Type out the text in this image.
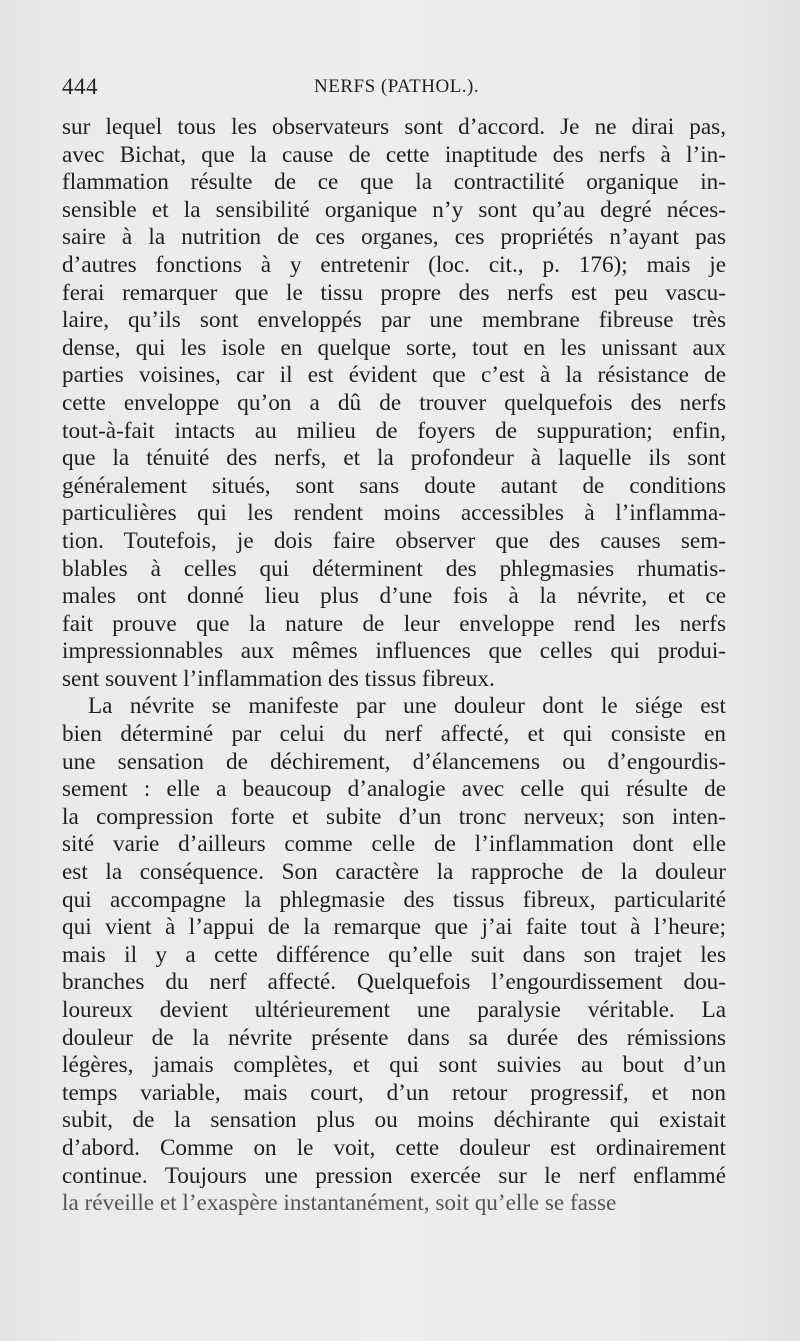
444	NERFS (PATHOL.).
sur lequel tous les observateurs sont d’accord. Je ne dirai pas,
avec Bichat, que la cause de cette inaptitude des nerfs à l’in-
flammation résulte de ce que la contractilité organique in-
sensible et la sensibilité organique n’y sont qu’au degré néces-
saire à la nutrition de ces organes, ces propriétés n’ayant pas
d’autres fonctions à y entretenir (loc. cit., p. 176); mais je
ferai remarquer que le tissu propre des nerfs est peu vascu-
laire, qu’ils sont enveloppés par une membrane fibreuse très
dense, qui les isole en quelque sorte, tout en les unissant aux
parties voisines, car il est évident que c’est à la résistance de
cette enveloppe qu’on a dû de trouver quelquefois des nerfs
tout-à-fait intacts au milieu de foyers de suppuration; enfin,
que la ténuité des nerfs, et la profondeur à laquelle ils sont
généralement situés, sont sans doute autant de conditions
particulières qui les rendent moins accessibles à l’inflamma-
tion. Toutefois, je dois faire observer que des causes sem-
blables à celles qui déterminent des phlegmasies rhumatis-
males ont donné lieu plus d’une fois à la névrite, et ce
fait prouve que la nature de leur enveloppe rend les nerfs
impressionnables aux mêmes influences que celles qui produi-
sent souvent l’inflammation des tissus fibreux.
La névrite se manifeste par une douleur dont le siége est
bien déterminé par celui du nerf affecté, et qui consiste en
une sensation de déchirement, d’élancemens ou d’engourdis-
sement : elle a beaucoup d’analogie avec celle qui résulte de
la compression forte et subite d’un tronc nerveux; son inten-
sité varie d’ailleurs comme celle de l’inflammation dont elle
est la conséquence. Son caractère la rapproche de la douleur
qui accompagne la phlegmasie des tissus fibreux, particularité
qui vient à l’appui de la remarque que j’ai faite tout à l’heure;
mais il y a cette différence qu’elle suit dans son trajet les
branches du nerf affecté. Quelquefois l’engourdissement dou-
loureux devient ultérieurement une paralysie véritable. La
douleur de la névrite présente dans sa durée des rémissions
légères, jamais complètes, et qui sont suivies au bout d’un
temps variable, mais court, d’un retour progressif, et non
subit, de la sensation plus ou moins déchirante qui existait
d’abord. Comme on le voit, cette douleur est ordinairement
continue. Toujours une pression exercée sur le nerf enflammé
la réveille et l’exaspère instantanément, soit qu’elle se fasse
